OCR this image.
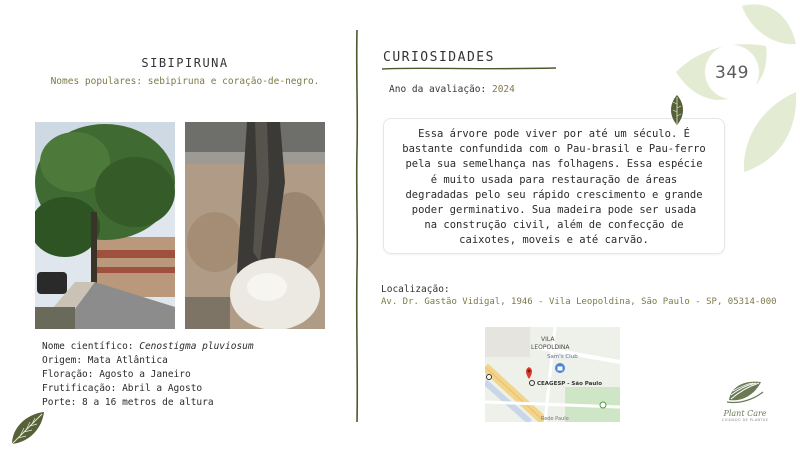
SIBIPIRUNA
Nomes populares: sebipiruna e coração-de-negro.
Nome científico: Cenostigma pluviosum
Origem: Mata Atlântica
Floração: Agosto a Janeiro
Frutificação: Abril a Agosto
Porte: 8 a 16 metros de altura
CURIOSIDADES
Ano da avaliação: 2024
Essa árvore pode viver por até um século. É
bastante confundida com o Pau-brasil e Pau-ferro
pela sua semelhança nas folhagens. Essa espécie
é muito usada para restauração de áreas
degradadas pelo seu rápido crescimento e grande
poder germinativo. Sua madeira pode ser usada
na construção civil, além de confecção de
caixotes, moveis e até carvão.
Localização:
Av. Dr. Gastão Vidigal, 1946 - Vila Leopoldina, São Paulo - SP, 05314-000
VILA
LEOPOLDINA
Sam's Club
CEAGESP - São Paulo
Rede Paulo
349
Plant Care
CUIDADO DE PLANTAS
